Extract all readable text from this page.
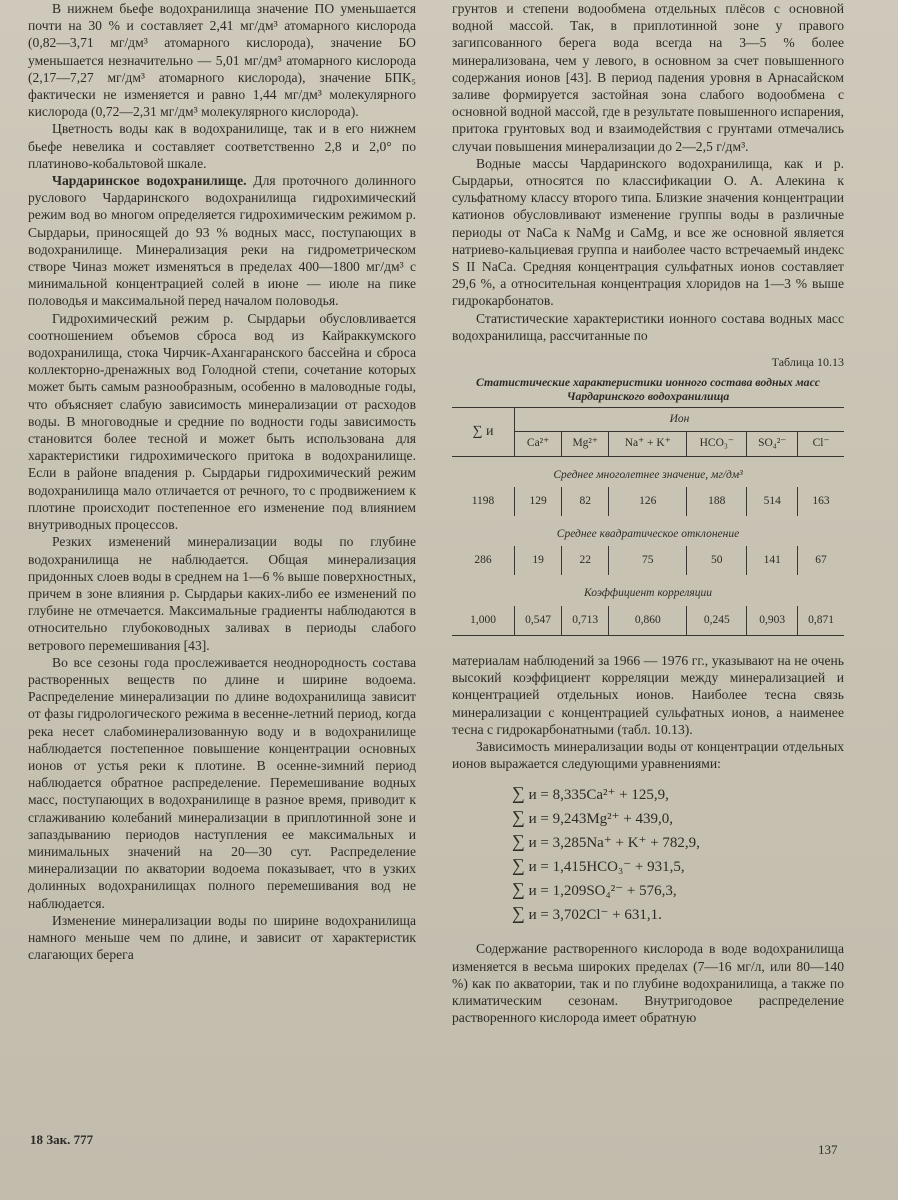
В нижнем бьефе водохранилища значение ПО уменьшается почти на 30 % и составляет 2,41 мг/дм³ атомарного кислорода (0,82—3,71 мг/дм³ атомарного кислорода), значение БО уменьшается незначительно — 5,01 мг/дм³ атомарного кислорода (2,17—7,27 мг/дм³ атомарного кислорода), значение БПК₅ фактически не изменяется и равно 1,44 мг/дм³ молекулярного кислорода (0,72—2,31 мг/дм³ молекулярного кислорода).

Цветность воды как в водохранилище, так и в его нижнем бьефе невелика и составляет соответственно 2,8 и 2,0° по платиново-кобальтовой шкале.

Чардаринское водохранилище. Для проточного долинного руслового Чардаринского водохранилища гидрохимический режим вод во многом определяется гидрохимическим режимом р. Сырдарьи, приносящей до 93 % водных масс, поступающих в водохранилище. Минерализация реки на гидрометрическом створе Чиназ может изменяться в пределах 400—1800 мг/дм³ с минимальной концентрацией солей в июне — июле на пике половодья и максимальной перед началом половодья.

Гидрохимический режим р. Сырдарьи обусловливается соотношением объемов сброса вод из Кайраккумского водохранилища, стока Чирчик-Ахангаранского бассейна и сброса коллекторно-дренажных вод Голодной степи, сочетание которых может быть самым разнообразным, особенно в маловодные годы, что объясняет слабую зависимость минерализации от расходов воды. В многоводные и средние по водности годы зависимость становится более тесной и может быть использована для характеристики гидрохимического притока в водохранилище. Если в районе впадения р. Сырдарьи гидрохимический режим водохранилища мало отличается от речного, то с продвижением к плотине происходит постепенное его изменение под влиянием внутриводных процессов.

Резких изменений минерализации воды по глубине водохранилища не наблюдается. Общая минерализация придонных слоев воды в среднем на 1—6 % выше поверхностных, причем в зоне влияния р. Сырдарьи каких-либо ее изменений по глубине не отмечается. Максимальные градиенты наблюдаются в относительно глубоководных заливах в периоды слабого ветрового перемешивания [43].

Во все сезоны года прослеживается неоднородность состава растворенных веществ по длине и ширине водоема. Распределение минерализации по длине водохранилища зависит от фазы гидрологического режима в весенне-летний период, когда река несет слабоминерализованную воду и в водохранилище наблюдается постепенное повышение концентрации основных ионов от устья реки к плотине. В осенне-зимний период наблюдается обратное распределение. Перемешивание водных масс, поступающих в водохранилище в разное время, приводит к сглаживанию колебаний минерализации в приплотинной зоне и запаздыванию периодов наступления ее максимальных и минимальных значений на 20—30 сут. Распределение минерализации по акватории водоема показывает, что в узких долинных водохранилищах полного перемешивания вод не наблюдается.

Изменение минерализации воды по ширине водохранилища намного меньше чем по длине, и зависит от характеристик слагающих берега

грунтов и степени водообмена отдельных плёсов с основной водной массой. Так, в приплотинной зоне у правого загипсованного берега вода всегда на 3—5 % более минерализована, чем у левого, в основном за счет повышенного содержания ионов [43]. В период падения уровня в Арнасайском заливе формируется застойная зона слабого водообмена с основной водной массой, где в результате повышенного испарения, притока грунтовых вод и взаимодействия с грунтами отмечались случаи повышения минерализации до 2—2,5 г/дм³.

Водные массы Чардаринского водохранилища, как и р. Сырдарьи, относятся по классификации О. А. Алекина к сульфатному классу второго типа. Близкие значения концентрации катионов обусловливают изменение группы воды в различные периоды от NaCa к NaMg и CaMg, и все же основной является натриево-кальциевая группа и наиболее часто встречаемый индекс S II NaCa. Средняя концентрация сульфатных ионов составляет 29,6 %, а относительная концентрация хлоридов на 1—3 % выше гидрокарбонатов.

Статистические характеристики ионного состава водных масс водохранилища, рассчитанные по

Таблица 10.13
Статистические характеристики ионного состава водных масс Чардаринского водохранилища
∑ и	Ион					
	Ca²⁺	Mg²⁺	Na⁺ + K⁺	HCO₃⁻	SO₄²⁻	Cl⁻
Среднее многолетнее значение, мг/дм³						
1198	129	82	126	188	514	163
Среднее квадратическое отклонение						
286	19	22	75	50	141	67
Коэффициент корреляции						
1,000	0,547	0,713	0,860	0,245	0,903	0,871

материалам наблюдений за 1966 — 1976 гг., указывают на не очень высокий коэффициент корреляции между минерализацией и концентрацией отдельных ионов. Наиболее тесна связь минерализации с концентрацией сульфатных ионов, а наименее тесна с гидрокарбонатными (табл. 10.13).

Зависимость минерализации воды от концентрации отдельных ионов выражается следующими уравнениями:

∑ и = 8,335Ca²⁺ + 125,9,
∑ и = 9,243Mg²⁺ + 439,0,
∑ и = 3,285Na⁺ + K⁺ + 782,9,
∑ и = 1,415HCO₃⁻ + 931,5,
∑ и = 1,209SO₄²⁻ + 576,3,
∑ и = 3,702Cl⁻ + 631,1.

Содержание растворенного кислорода в воде водохранилища изменяется в весьма широких пределах (7—16 мг/л, или 80—140 %) как по акватории, так и по глубине водохранилища, а также по климатическим сезонам. Внутригодовое распределение растворенного кислорода имеет обратную

18 Зак. 777
137
